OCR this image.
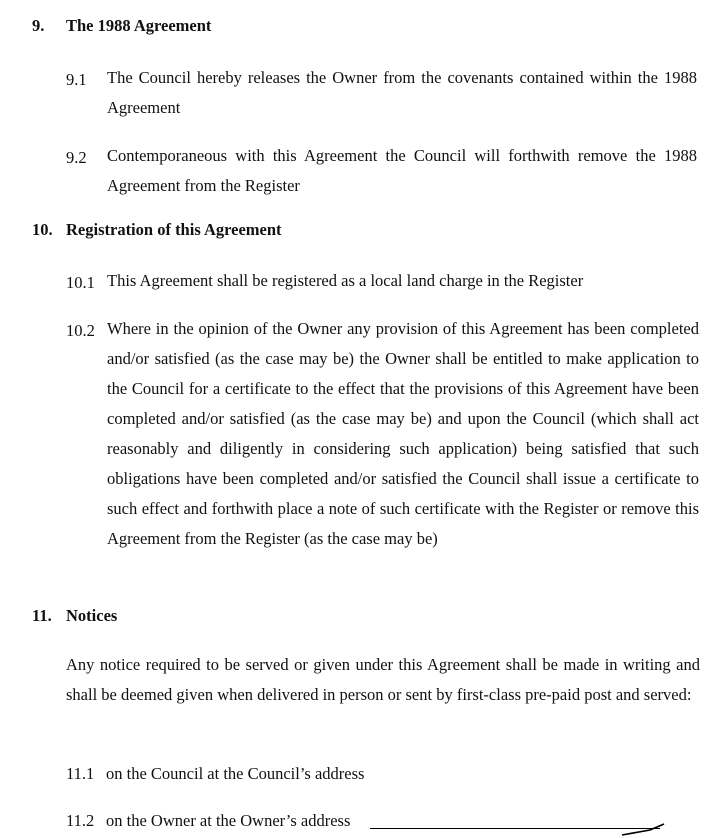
9. The 1988 Agreement
9.1 The Council hereby releases the Owner from the covenants contained within the 1988 Agreement
9.2 Contemporaneous with this Agreement the Council will forthwith remove the 1988 Agreement from the Register
10. Registration of this Agreement
10.1 This Agreement shall be registered as a local land charge in the Register
10.2 Where in the opinion of the Owner any provision of this Agreement has been completed and/or satisfied (as the case may be) the Owner shall be entitled to make application to the Council for a certificate to the effect that the provisions of this Agreement have been completed and/or satisfied (as the case may be) and upon the Council (which shall act reasonably and diligently in considering such application) being satisfied that such obligations have been completed and/or satisfied the Council shall issue a certificate to such effect and forthwith place a note of such certificate with the Register or remove this Agreement from the Register (as the case may be)
11. Notices
Any notice required to be served or given under this Agreement shall be made in writing and shall be deemed given when delivered in person or sent by first-class pre-paid post and served:
11.1 on the Council at the Council’s address
11.2 on the Owner at the Owner’s address
